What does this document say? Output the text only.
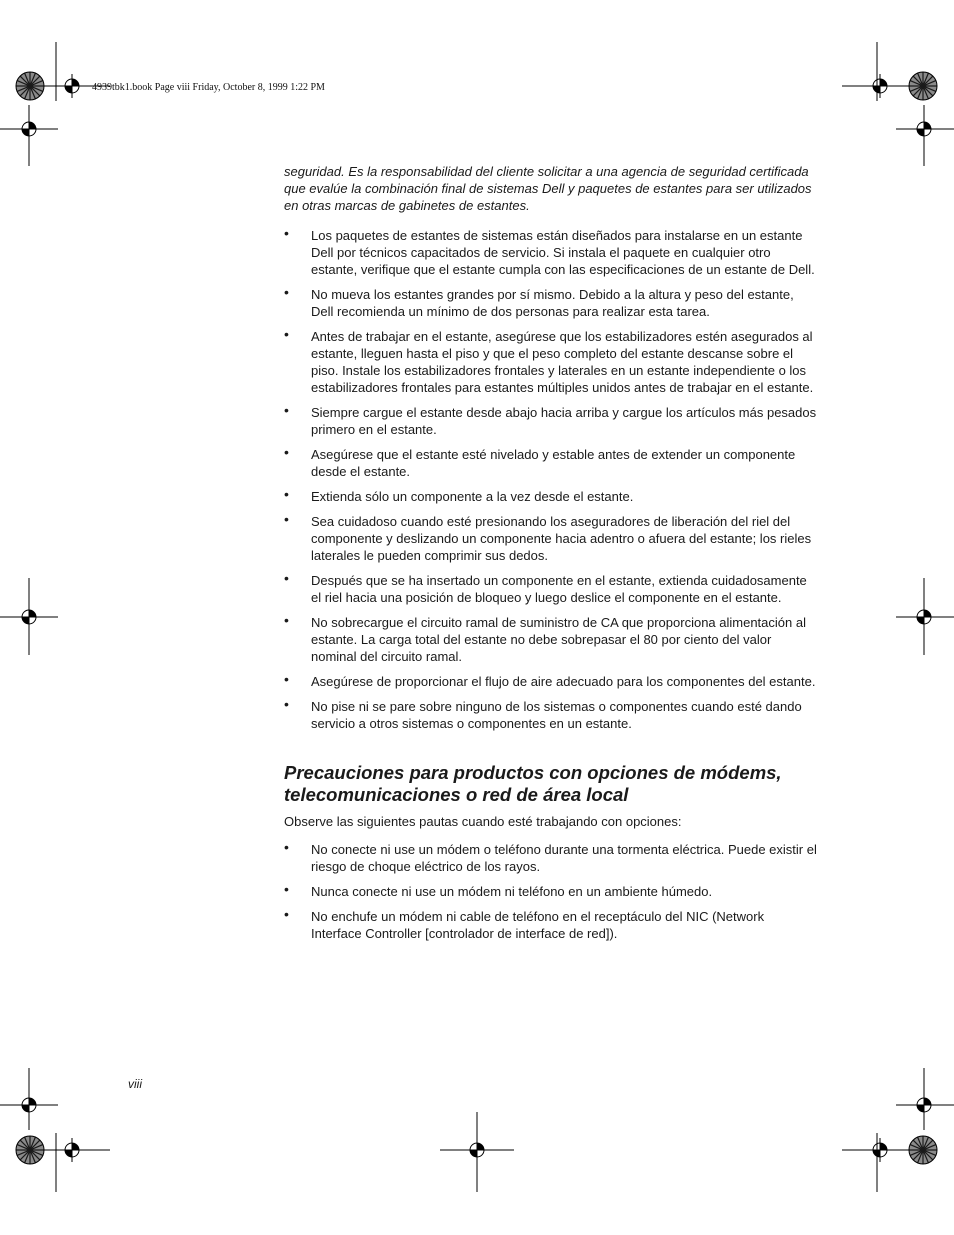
4939tbk1.book Page viii Friday, October 8, 1999 1:22 PM

seguridad. Es la responsabilidad del cliente solicitar a una agencia de seguridad certificada que evalúe la combinación final de sistemas Dell y paquetes de estantes para ser utilizados en otras marcas de gabinetes de estantes.

• Los paquetes de estantes de sistemas están diseñados para instalarse en un estante Dell por técnicos capacitados de servicio. Si instala el paquete en cualquier otro estante, verifique que el estante cumpla con las especificaciones de un estante de Dell.
• No mueva los estantes grandes por sí mismo. Debido a la altura y peso del estante, Dell recomienda un mínimo de dos personas para realizar esta tarea.
• Antes de trabajar en el estante, asegúrese que los estabilizadores estén asegurados al estante, lleguen hasta el piso y que el peso completo del estante descanse sobre el piso. Instale los estabilizadores frontales y laterales en un estante independiente o los estabilizadores frontales para estantes múltiples unidos antes de trabajar en el estante.
• Siempre cargue el estante desde abajo hacia arriba y cargue los artículos más pesados primero en el estante.
• Asegúrese que el estante esté nivelado y estable antes de extender un componente desde el estante.
• Extienda sólo un componente a la vez desde el estante.
• Sea cuidadoso cuando esté presionando los aseguradores de liberación del riel del componente y deslizando un componente hacia adentro o afuera del estante; los rieles laterales le pueden comprimir sus dedos.
• Después que se ha insertado un componente en el estante, extienda cuidadosamente el riel hacia una posición de bloqueo y luego deslice el componente en el estante.
• No sobrecargue el circuito ramal de suministro de CA que proporciona alimentación al estante. La carga total del estante no debe sobrepasar el 80 por ciento del valor nominal del circuito ramal.
• Asegúrese de proporcionar el flujo de aire adecuado para los componentes del estante.
• No pise ni se pare sobre ninguno de los sistemas o componentes cuando esté dando servicio a otros sistemas o componentes en un estante.
Precauciones para productos con opciones de módems, telecomunicaciones o red de área local

Observe las siguientes pautas cuando esté trabajando con opciones:

• No conecte ni use un módem o teléfono durante una tormenta eléctrica. Puede existir el riesgo de choque eléctrico de los rayos.
• Nunca conecte ni use un módem ni teléfono en un ambiente húmedo.
• No enchufe un módem ni cable de teléfono en el receptáculo del NIC (Network Interface Controller [controlador de interface de red]).
viii
